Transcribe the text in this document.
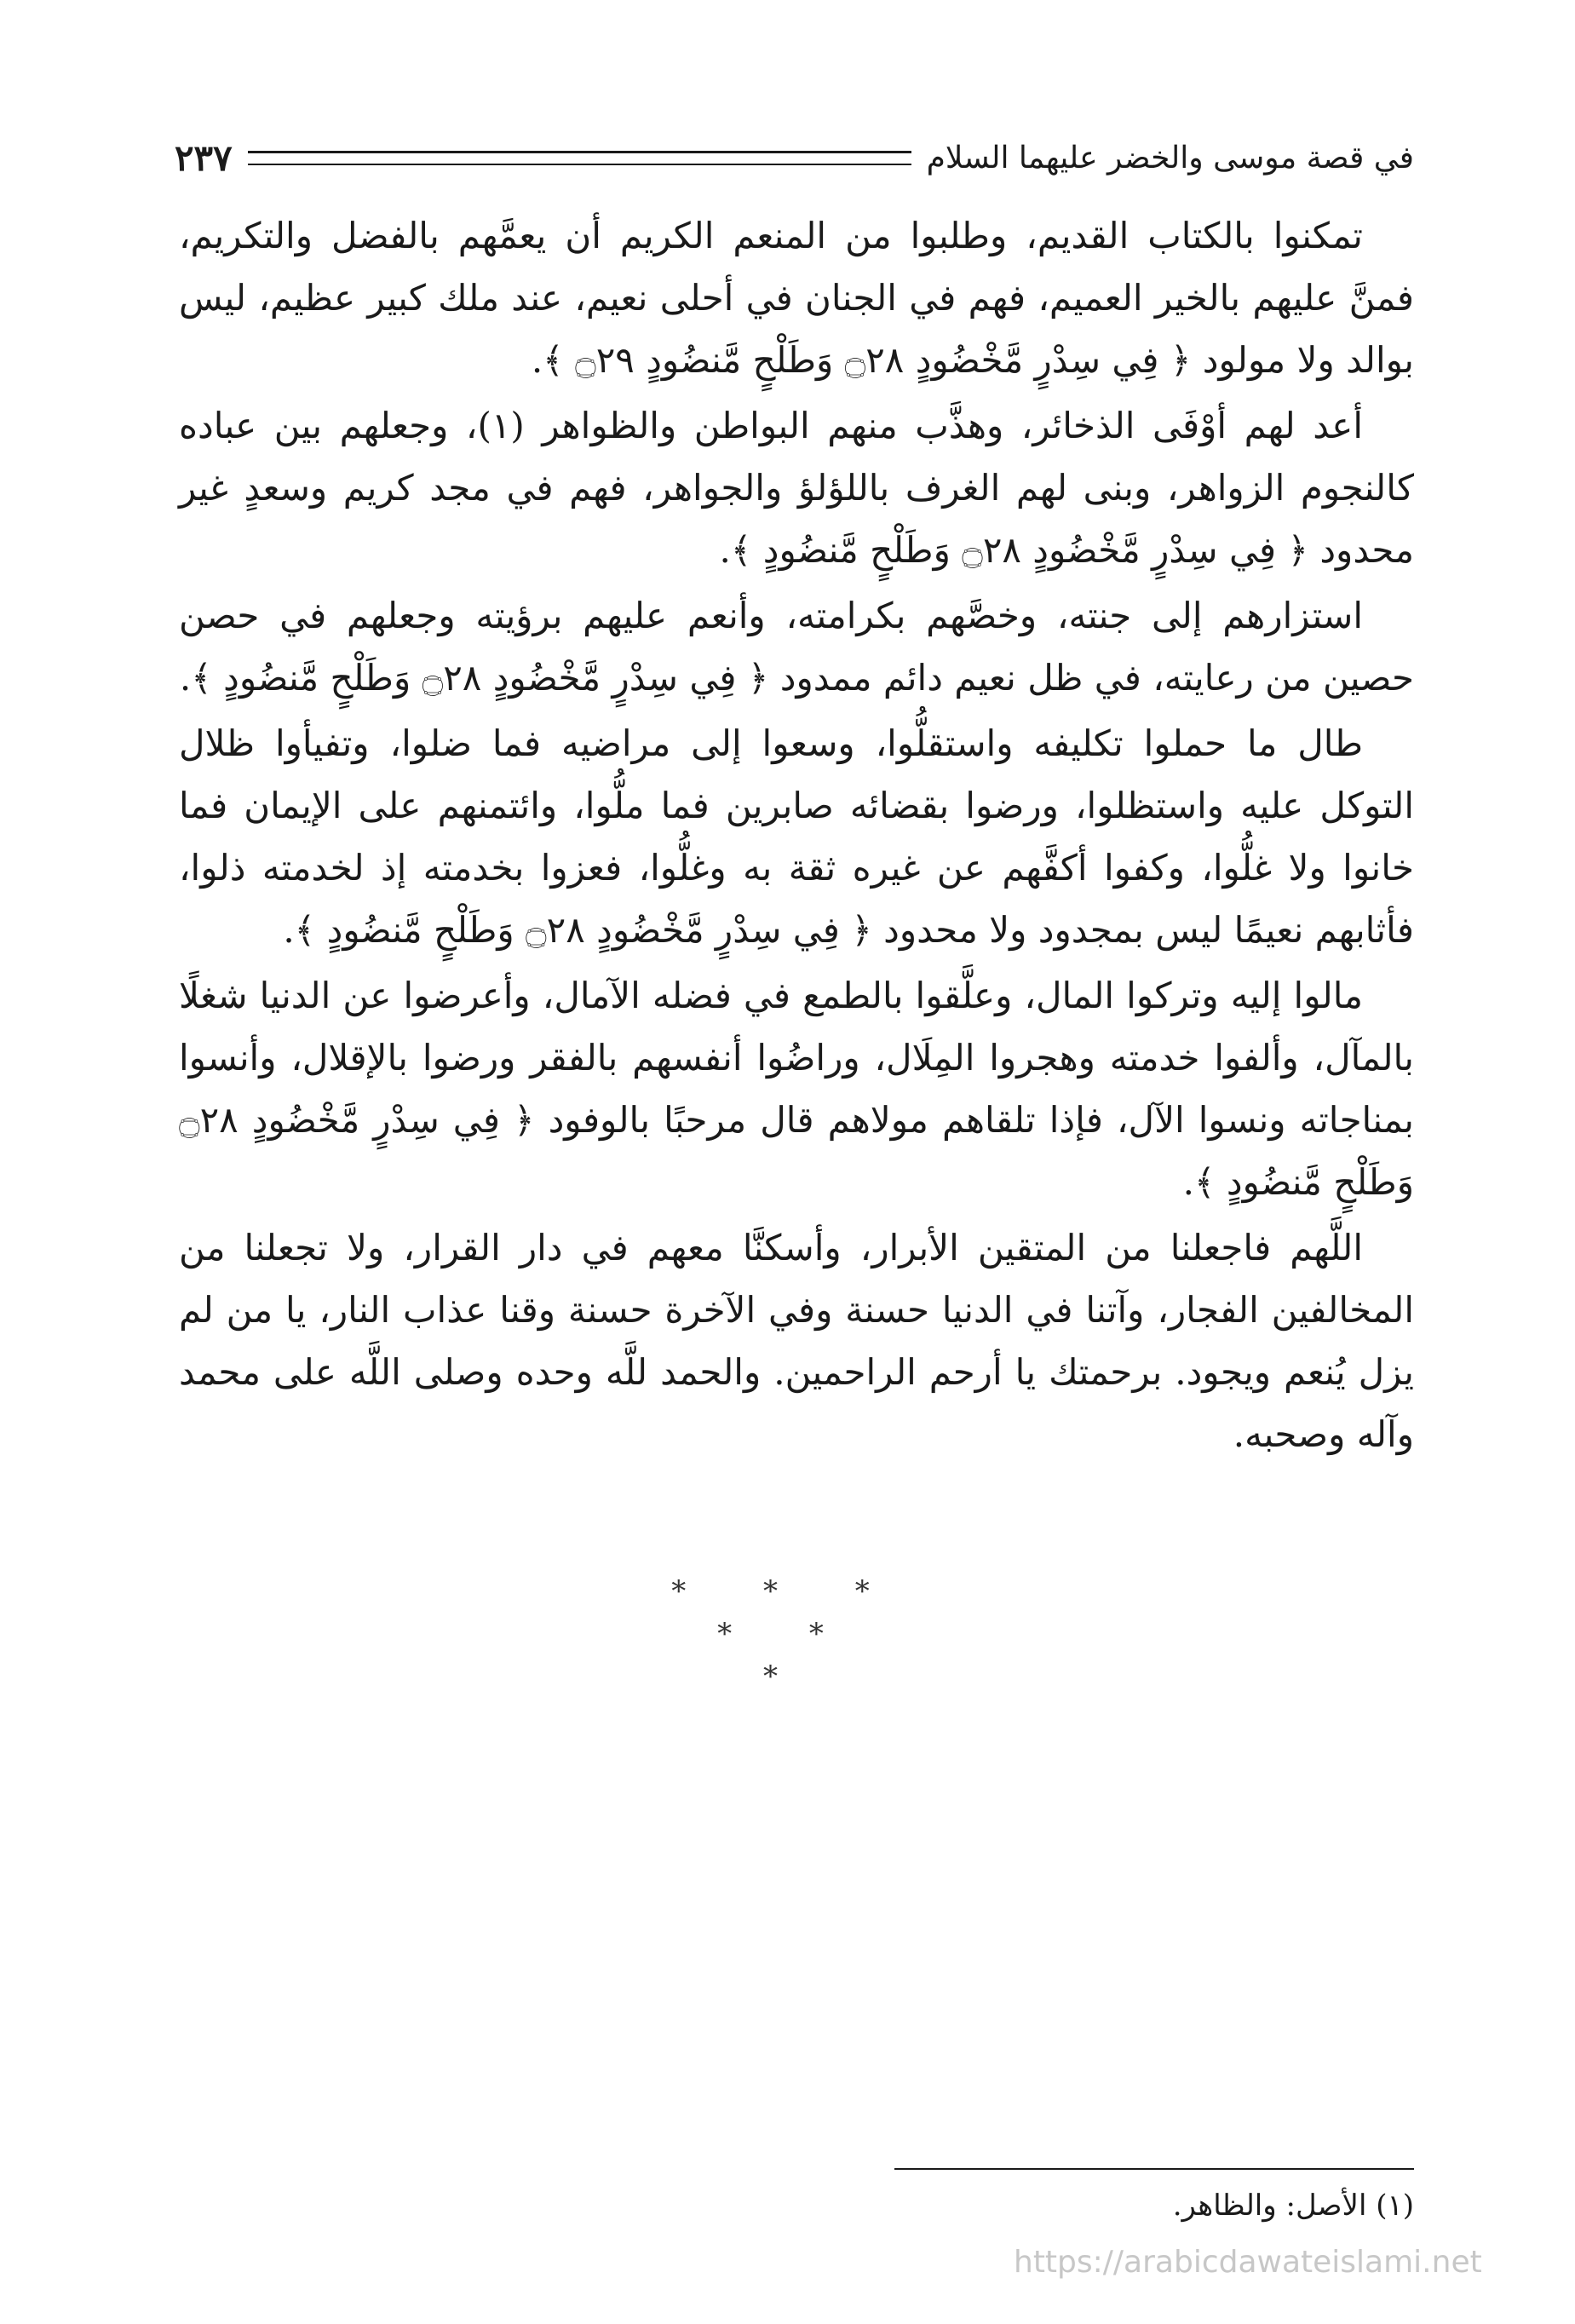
في قصة موسى والخضر عليهما السلام
٢٣٧

تمكنوا بالكتاب القديم، وطلبوا من المنعم الكريم أن يعمَّهم بالفضل والتكريم، فمنَّ عليهم بالخير العميم، فهم في الجنان في أحلى نعيم، عند ملك كبير عظيم، ليس بوالد ولا مولود ﴿ فِي سِدْرٍ مَّخْضُودٍ ۝٢٨ وَطَلْحٍ مَّنضُودٍ ۝٢٩ ﴾.

أعد لهم أوْفَى الذخائر، وهذَّب منهم البواطن والظواهر (١)، وجعلهم بين عباده كالنجوم الزواهر، وبنى لهم الغرف باللؤلؤ والجواهر، فهم في مجد كريم وسعدٍ غير محدود ﴿ فِي سِدْرٍ مَّخْضُودٍ ۝٢٨ وَطَلْحٍ مَّنضُودٍ ﴾.

استزارهم إلى جنته، وخصَّهم بكرامته، وأنعم عليهم برؤيته وجعلهم في حصن حصين من رعايته، في ظل نعيم دائم ممدود ﴿ فِي سِدْرٍ مَّخْضُودٍ ۝٢٨ وَطَلْحٍ مَّنضُودٍ ﴾.

طال ما حملوا تكليفه واستقلُّوا، وسعوا إلى مراضيه فما ضلوا، وتفيأوا ظلال التوكل عليه واستظلوا، ورضوا بقضائه صابرين فما ملُّوا، وائتمنهم على الإيمان فما خانوا ولا غلُّوا، وكفوا أكفَّهم عن غيره ثقة به وغلُّوا، فعزوا بخدمته إذ لخدمته ذلوا، فأثابهم نعيمًا ليس بمجدود ولا محدود ﴿ فِي سِدْرٍ مَّخْضُودٍ ۝٢٨ وَطَلْحٍ مَّنضُودٍ ﴾.

مالوا إليه وتركوا المال، وعلَّقوا بالطمع في فضله الآمال، وأعرضوا عن الدنيا شغلًا بالمآل، وألفوا خدمته وهجروا المِلَال، وراضُوا أنفسهم بالفقر ورضوا بالإقلال، وأنسوا بمناجاته ونسوا الآل، فإذا تلقاهم مولاهم قال مرحبًا بالوفود ﴿ فِي سِدْرٍ مَّخْضُودٍ ۝٢٨ وَطَلْحٍ مَّنضُودٍ ﴾.

اللَّهم فاجعلنا من المتقين الأبرار، وأسكنَّا معهم في دار القرار، ولا تجعلنا من المخالفين الفجار، وآتنا في الدنيا حسنة وفي الآخرة حسنة وقنا عذاب النار، يا من لم يزل يُنعم ويجود. برحمتك يا أرحم الراحمين. والحمد للَّه وحده وصلى اللَّه على محمد وآله وصحبه.

* * *
* *
*
(١) الأصل: والظاهر.
https://arabicdawateislami.net
